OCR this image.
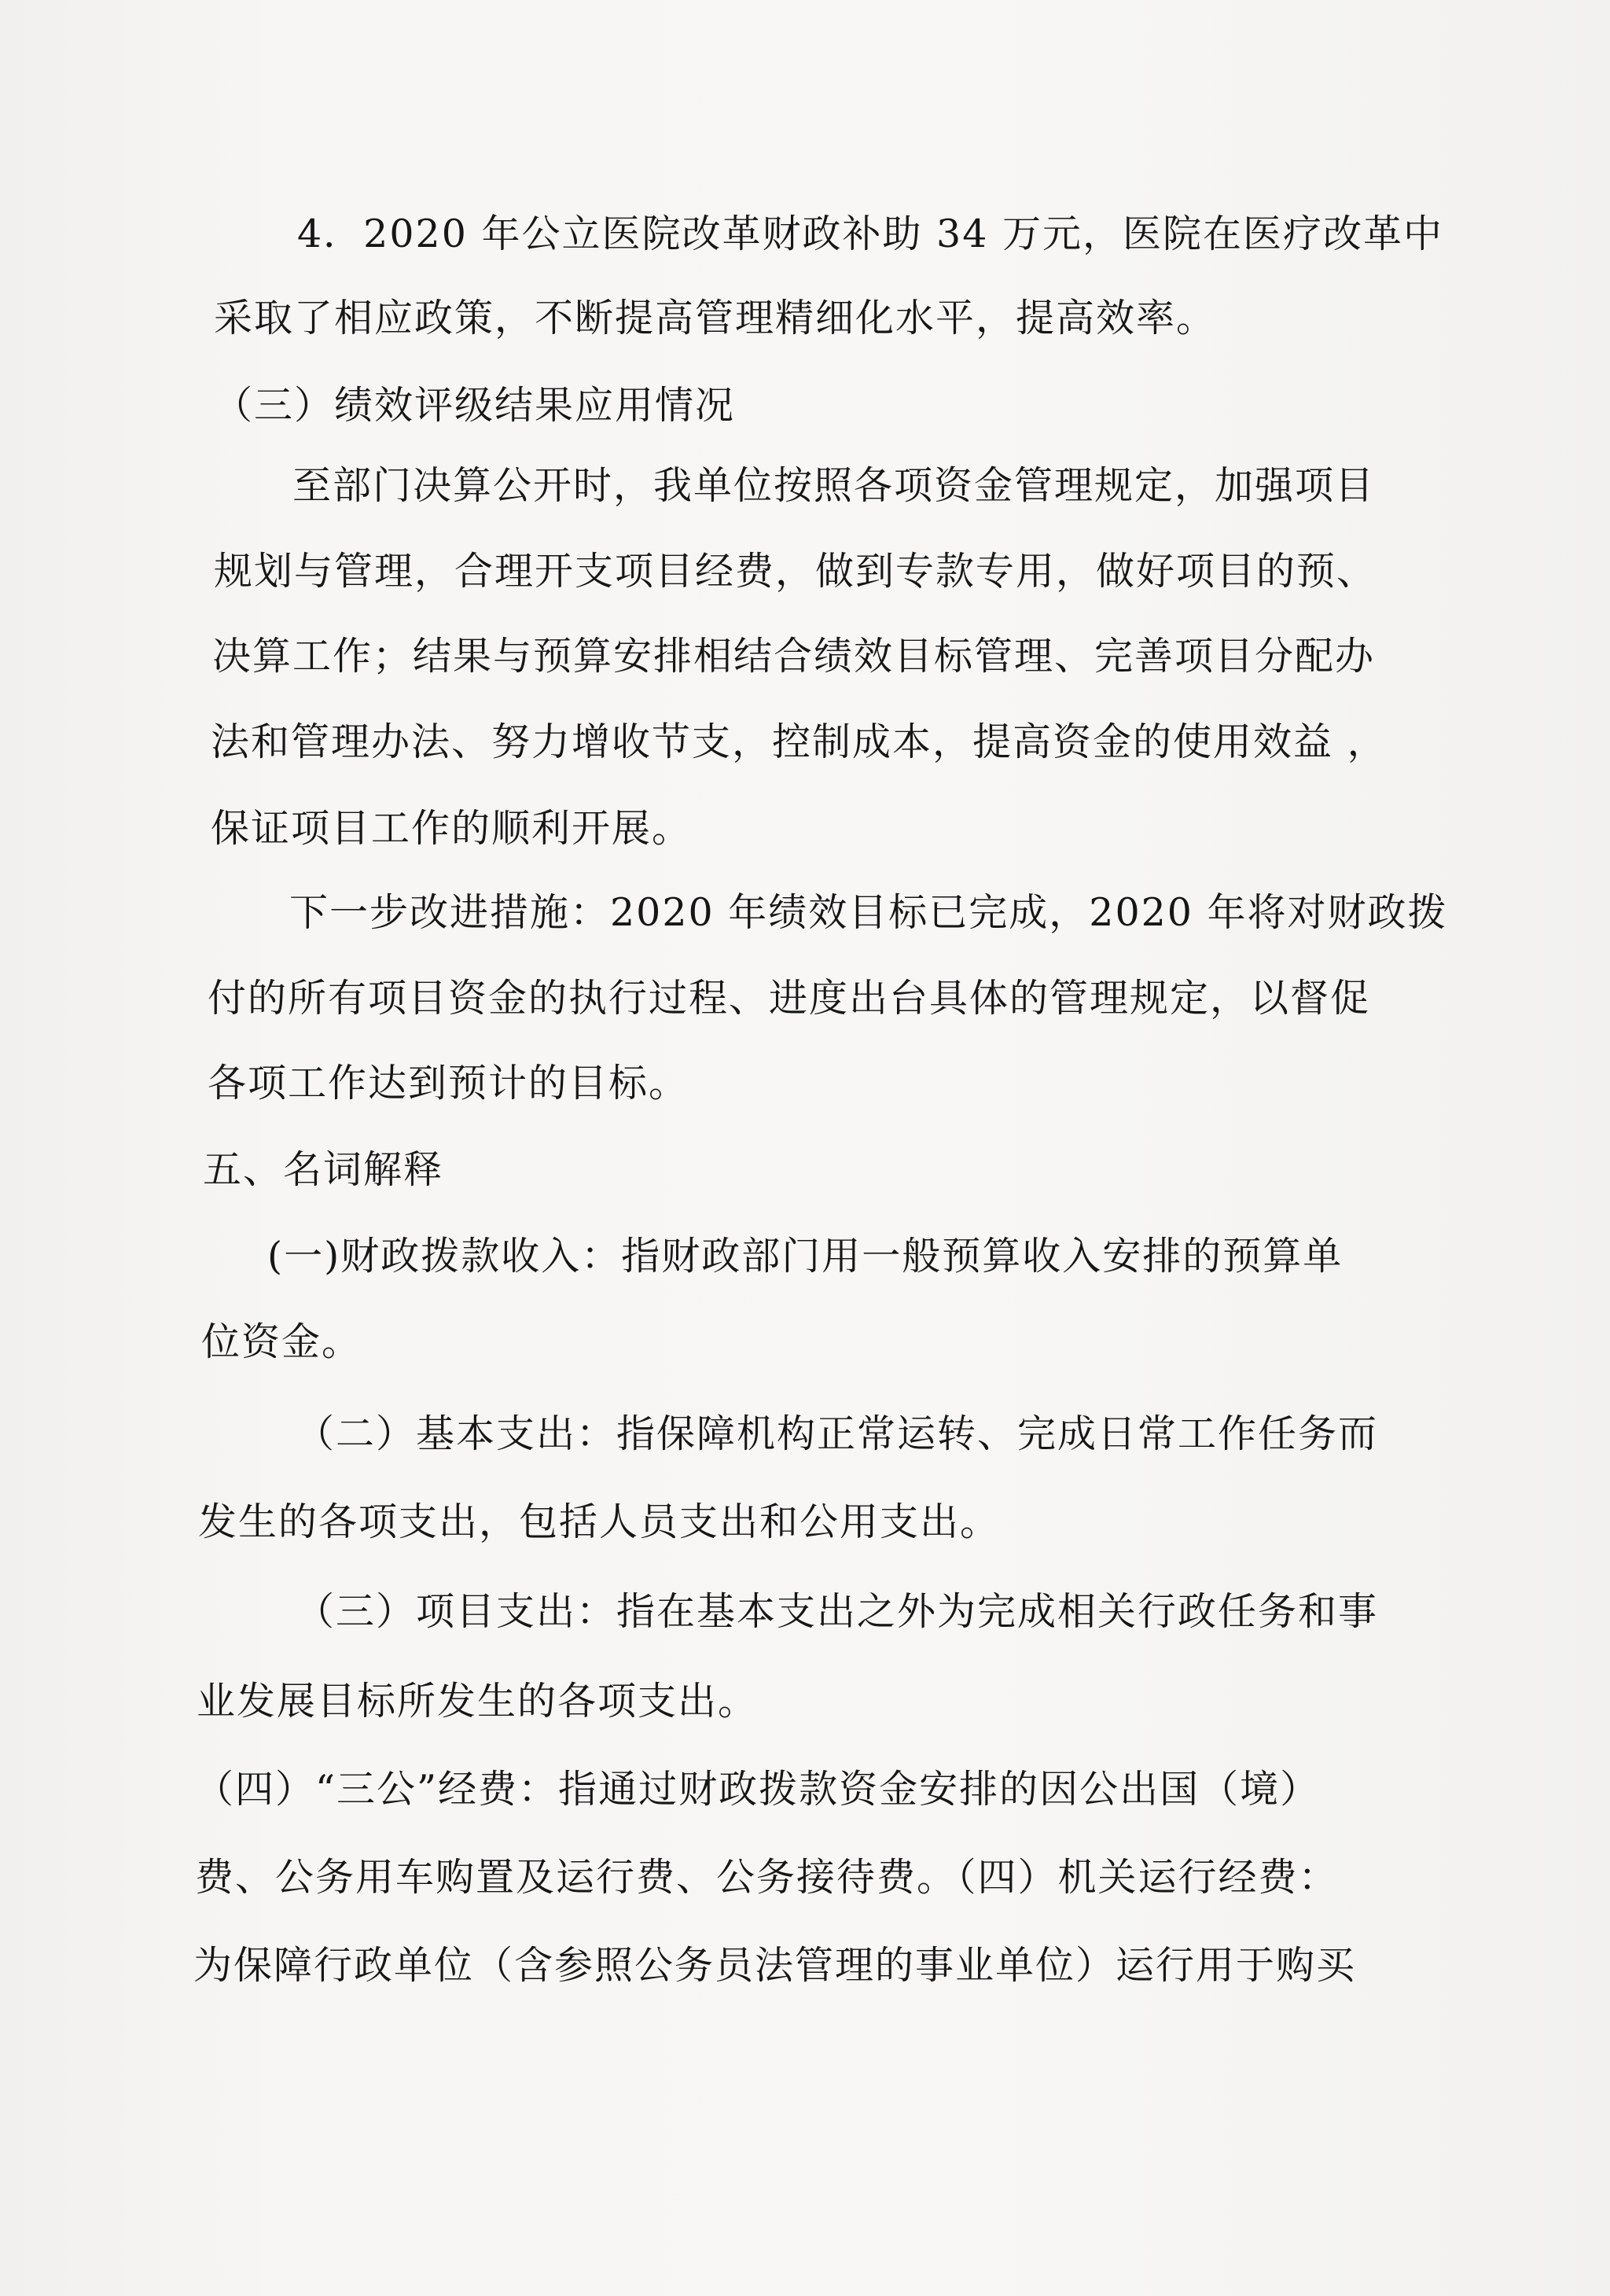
4．2020 年公立医院改革财政补助 34 万元，医院在医疗改革中

采取了相应政策，不断提高管理精细化水平，提高效率。

（三）绩效评级结果应用情况

至部门决算公开时，我单位按照各项资金管理规定，加强项目

规划与管理，合理开支项目经费，做到专款专用，做好项目的预、

决算工作；结果与预算安排相结合绩效目标管理、完善项目分配办

法和管理办法、努力增收节支，控制成本，提高资金的使用效益 ，

保证项目工作的顺利开展。

下一步改进措施：2020 年绩效目标已完成，2020 年将对财政拨

付的所有项目资金的执行过程、进度出台具体的管理规定，以督促

各项工作达到预计的目标。

五、名词解释

(一)财政拨款收入：指财政部门用一般预算收入安排的预算单

位资金。

（二）基本支出：指保障机构正常运转、完成日常工作任务而

发生的各项支出，包括人员支出和公用支出。

（三）项目支出：指在基本支出之外为完成相关行政任务和事

业发展目标所发生的各项支出。

（四）“三公”经费：指通过财政拨款资金安排的因公出国（境）

费、公务用车购置及运行费、公务接待费。（四）机关运行经费：

为保障行政单位（含参照公务员法管理的事业单位）运行用于购买
